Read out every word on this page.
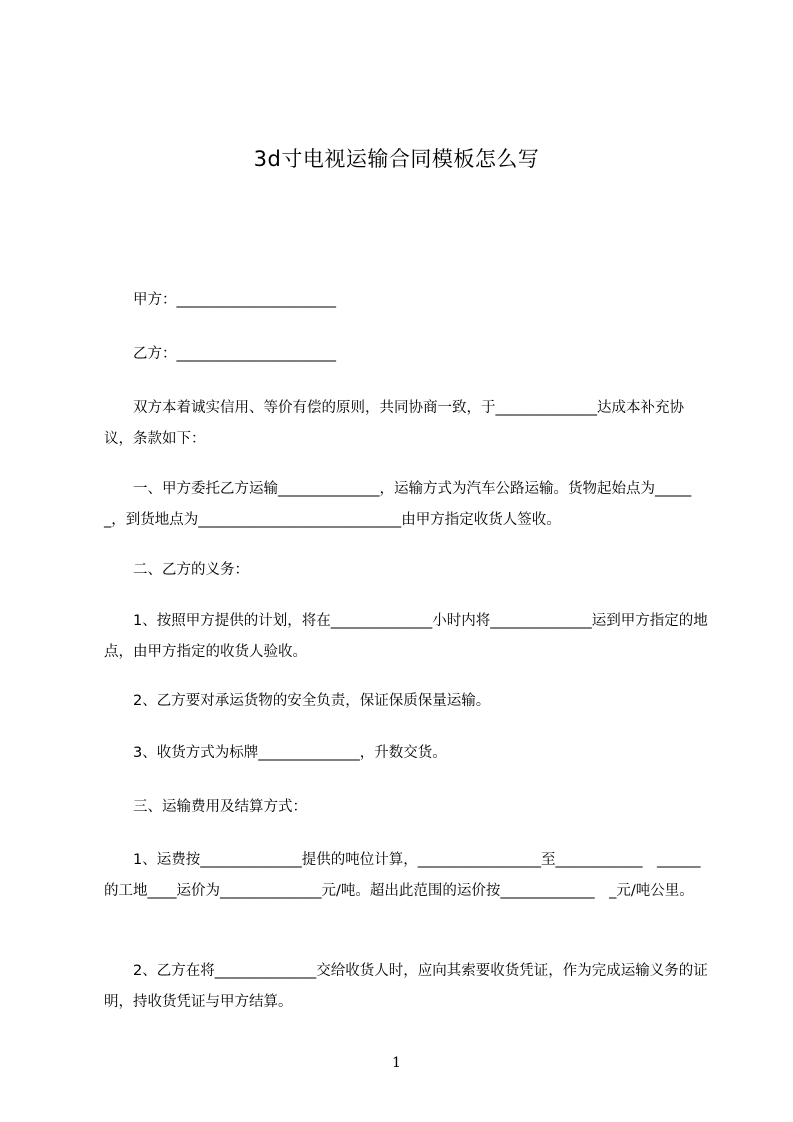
3d寸电视运输合同模板怎么写
　　甲方：______________________
　　乙方：______________________
　　双方本着诚实信用、等价有偿的原则，共同协商一致，于______________达成本补充协议，条款如下：
　　一、甲方委托乙方运输______________，运输方式为汽车公路运输。货物起始点为______，到货地点为____________________________由甲方指定收货人签收。
　　二、乙方的义务：
　　1、按照甲方提供的计划，将在______________小时内将______________运到甲方指定的地点，由甲方指定的收货人验收。
　　2、乙方要对承运货物的安全负责，保证保质保量运输。
　　3、收货方式为标牌______________，升数交货。
　　三、运输费用及结算方式：
　　1、运费按______________提供的吨位计算，_________________至____________　______的工地____运价为______________元/吨。超出此范围的运价按_____________　_元/吨公里。
　　2、乙方在将______________交给收货人时，应向其索要收货凭证，作为完成运输义务的证明，持收货凭证与甲方结算。
1
